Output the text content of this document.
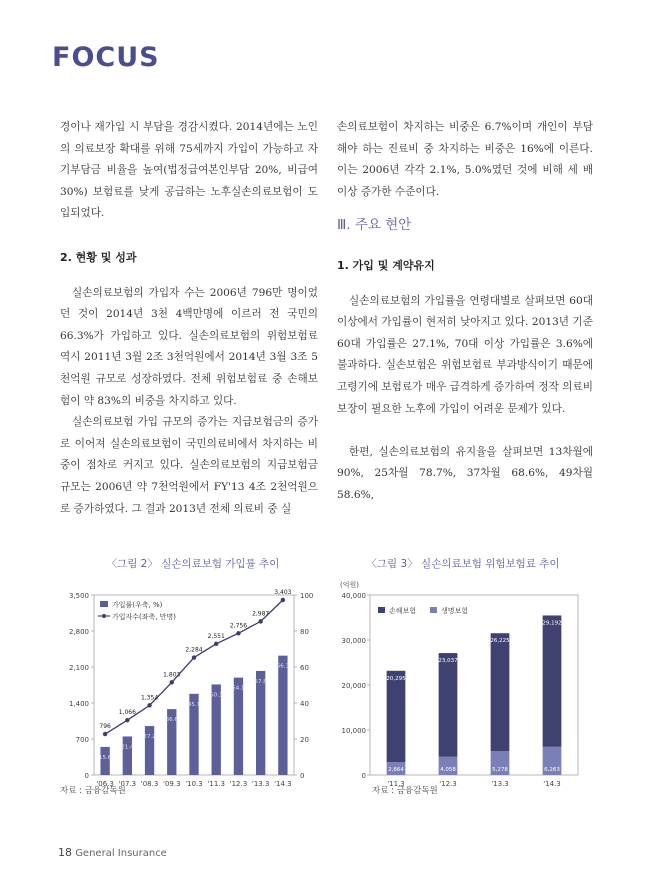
FOCUS

경이나 재가입 시 부담을 경감시켰다. 2014년에는 노인의 의료보장 확대를 위해 75세까지 가입이 가능하고 자기부담금 비율을 높여(법정급여본인부담 20%, 비급여 30%) 보험료를 낮게 공급하는 노후실손의료보험이 도입되었다.

2. 현황 및 성과

실손의료보험의 가입자 수는 2006년 796만 명이었던 것이 2014년 3천 4백만명에 이르러 전 국민의 66.3%가 가입하고 있다. 실손의료보험의 위험보험료 역시 2011년 3월 2조 3천억원에서 2014년 3월 3조 5천억원 규모로 성장하였다. 전체 위험보험료 중 손해보험이 약 83%의 비중을 차지하고 있다.

실손의료보험 가입 규모의 증가는 지급보험금의 증가로 이어져 실손의료보험이 국민의료비에서 차지하는 비중이 점차로 커지고 있다. 실손의료보험의 지급보험금 규모는 2006년 약 7천억원에서 FY'13 4조 2천억원으로 증가하였다. 그 결과 2013년 전체 의료비 중 실

손의료보험이 차지하는 비중은 6.7%이며 개인이 부담해야 하는 진료비 중 차지하는 비중은 16%에 이른다. 이는 2006년 각각 2.1%, 5.0%였던 것에 비해 세 배 이상 증가한 수준이다.

Ⅲ. 주요 현안
1. 가입 및 계약유지

실손의료보험의 가입률을 연령대별로 살펴보면 60대 이상에서 가입률이 현저히 낮아지고 있다. 2013년 기준 60대 가입률은 27.1%, 70대 이상 가입률은 3.6%에 불과하다. 실손보험은 위험보험료 부과방식이기 때문에 고령기에 보험료가 매우 급격하게 증가하여 정작 의료비 보장이 필요한 노후에 가입이 어려운 문제가 있다.

한편, 실손의료보험의 유지율을 살펴보면 13차월에 90%, 25차월 78.7%, 37차월 68.6%, 49차월 58.6%,

〈그림 2〉 실손의료보험 가입률 추이
3,500
2,800
2,100
1,400
700
0
100
80
60
40
20
0
15.6
'06.3
21.4
'07.3
27.2
'08.3
36.6
'09.3
45.1
'10.3
50.3
'11.3
54.1
'12.3
57.8
'13.3
66.3
'14.3
796
1,066
1,354
1,803
2,284
2,551
2,756
2,987
3,403
가입률(우축, %)
가입자수(좌축, 만명)
자료 : 금융감독원
〈그림 3〉 실손의료보험 위험보험료 추이
(억원)
40,000
30,000
20,000
10,000
0
2,864
20,295
'11.3
4,058
23,037
'12.3
5,278
26,225
'13.3
6,263
29,192
'14.3
손해보험	생명보험
자료 : 금융감독원
18 General Insurance
